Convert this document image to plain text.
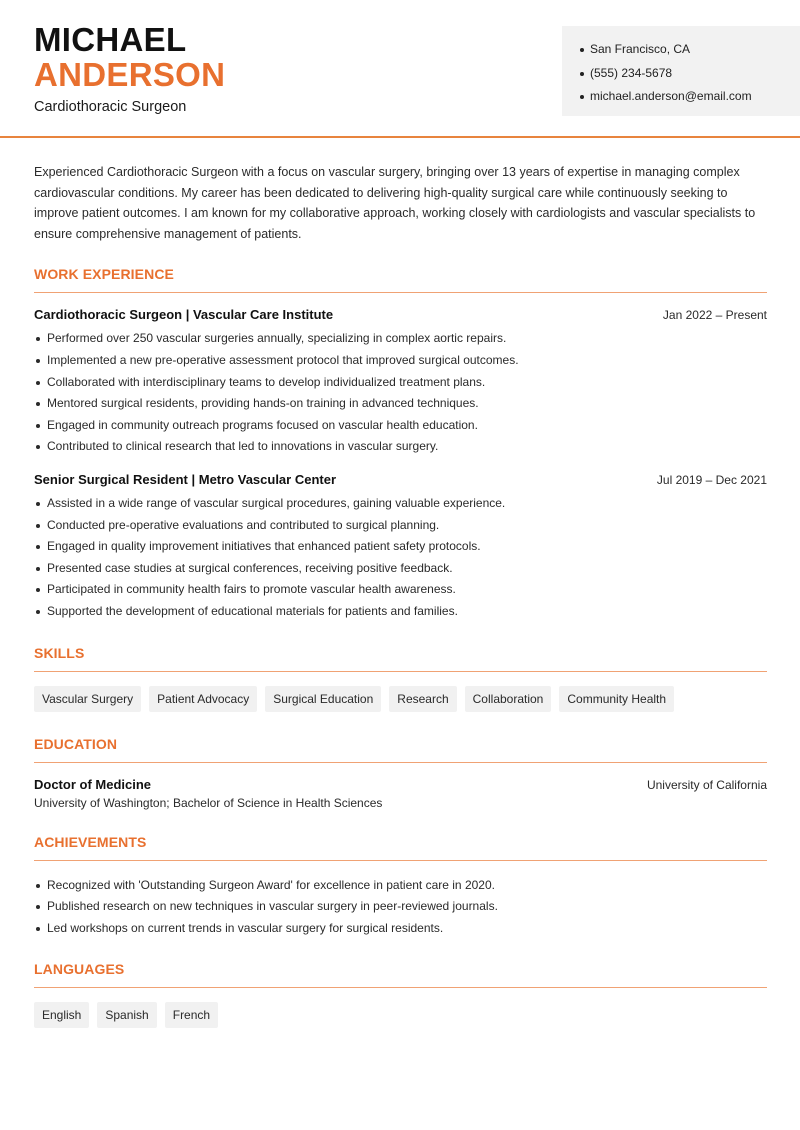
MICHAEL
ANDERSON
Cardiothoracic Surgeon
San Francisco, CA
(555) 234-5678
michael.anderson@email.com

Experienced Cardiothoracic Surgeon with a focus on vascular surgery, bringing over 13 years of expertise in managing complex cardiovascular conditions. My career has been dedicated to delivering high-quality surgical care while continuously seeking to improve patient outcomes. I am known for my collaborative approach, working closely with cardiologists and vascular specialists to ensure comprehensive management of patients.

WORK EXPERIENCE
Cardiothoracic Surgeon | Vascular Care Institute	Jan 2022 – Present
Performed over 250 vascular surgeries annually, specializing in complex aortic repairs.
Implemented a new pre-operative assessment protocol that improved surgical outcomes.
Collaborated with interdisciplinary teams to develop individualized treatment plans.
Mentored surgical residents, providing hands-on training in advanced techniques.
Engaged in community outreach programs focused on vascular health education.
Contributed to clinical research that led to innovations in vascular surgery.
Senior Surgical Resident | Metro Vascular Center	Jul 2019 – Dec 2021
Assisted in a wide range of vascular surgical procedures, gaining valuable experience.
Conducted pre-operative evaluations and contributed to surgical planning.
Engaged in quality improvement initiatives that enhanced patient safety protocols.
Presented case studies at surgical conferences, receiving positive feedback.
Participated in community health fairs to promote vascular health awareness.
Supported the development of educational materials for patients and families.
SKILLS
Vascular Surgery	Patient Advocacy	Surgical Education	Research	Collaboration	Community Health
EDUCATION
Doctor of Medicine	University of California
University of Washington; Bachelor of Science in Health Sciences
ACHIEVEMENTS
Recognized with 'Outstanding Surgeon Award' for excellence in patient care in 2020.
Published research on new techniques in vascular surgery in peer-reviewed journals.
Led workshops on current trends in vascular surgery for surgical residents.
LANGUAGES
English	Spanish	French
